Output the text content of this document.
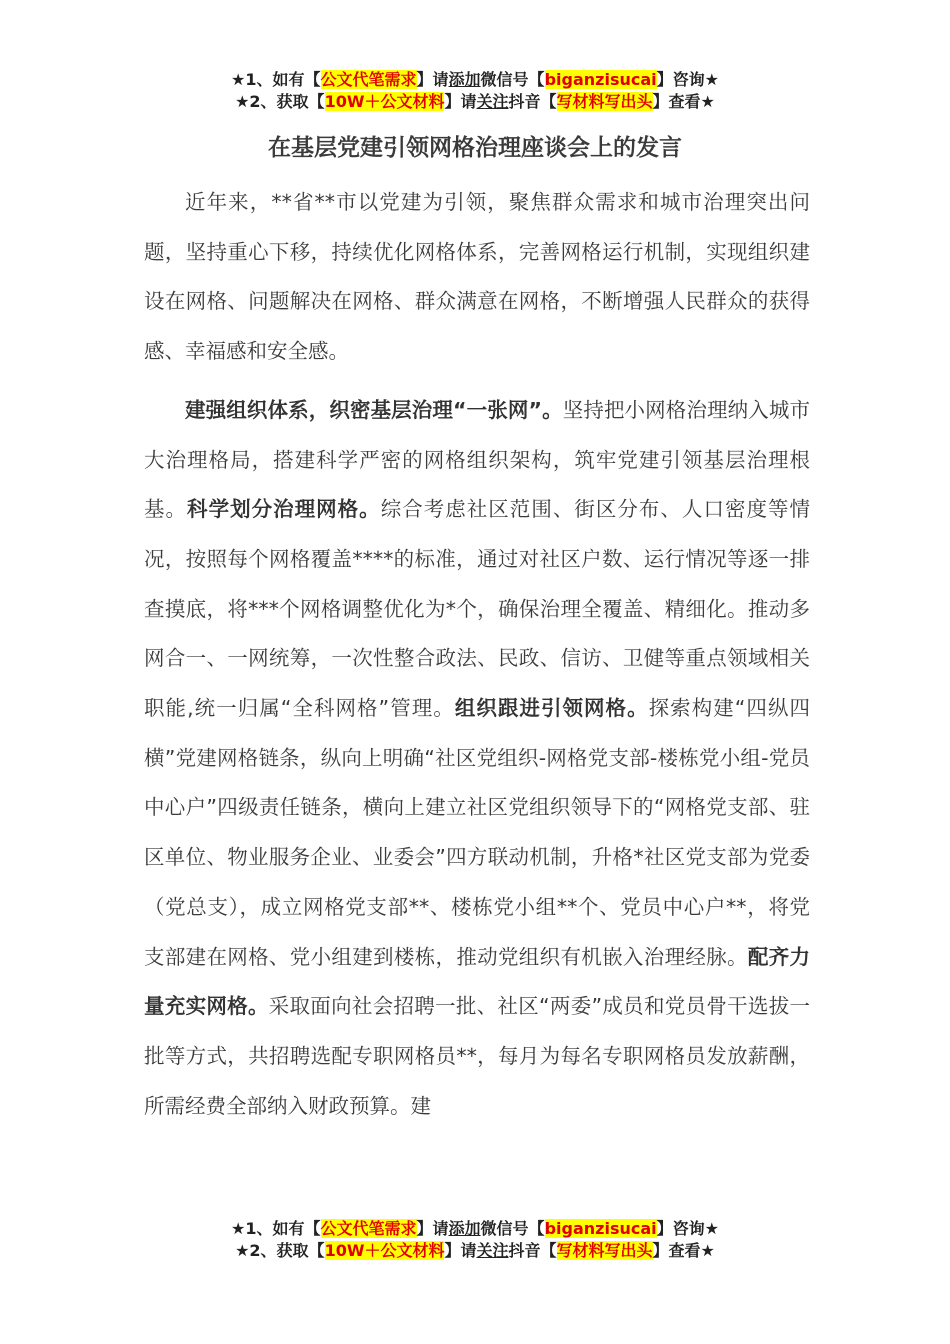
★1、如有【公文代笔需求】请添加微信号【biganzisucai】咨询★
★2、获取【10W＋公文材料】请关注抖音【写材料写出头】查看★
在基层党建引领网格治理座谈会上的发言

近年来，**省**市以党建为引领，聚焦群众需求和城市治理突出问题，坚持重心下移，持续优化网格体系，完善网格运行机制，实现组织建设在网格、问题解决在网格、群众满意在网格，不断增强人民群众的获得感、幸福感和安全感。

建强组织体系，织密基层治理“一张网”。坚持把小网格治理纳入城市大治理格局，搭建科学严密的网格组织架构，筑牢党建引领基层治理根基。科学划分治理网格。综合考虑社区范围、街区分布、人口密度等情况，按照每个网格覆盖****的标准，通过对社区户数、运行情况等逐一排查摸底，将***个网格调整优化为*个，确保治理全覆盖、精细化。推动多网合一、一网统筹，一次性整合政法、民政、信访、卫健等重点领域相关职能,统一归属“全科网格”管理。组织跟进引领网格。探索构建“四纵四横”党建网格链条，纵向上明确“社区党组织-网格党支部-楼栋党小组-党员中心户”四级责任链条，横向上建立社区党组织领导下的“网格党支部、驻区单位、物业服务企业、业委会”四方联动机制，升格*社区党支部为党委（党总支），成立网格党支部**、楼栋党小组**个、党员中心户**，将党支部建在网格、党小组建到楼栋，推动党组织有机嵌入治理经脉。配齐力量充实网格。采取面向社会招聘一批、社区“两委”成员和党员骨干选拔一批等方式，共招聘选配专职网格员**，每月为每名专职网格员发放薪酬，所需经费全部纳入财政预算。建

★1、如有【公文代笔需求】请添加微信号【biganzisucai】咨询★
★2、获取【10W＋公文材料】请关注抖音【写材料写出头】查看★
